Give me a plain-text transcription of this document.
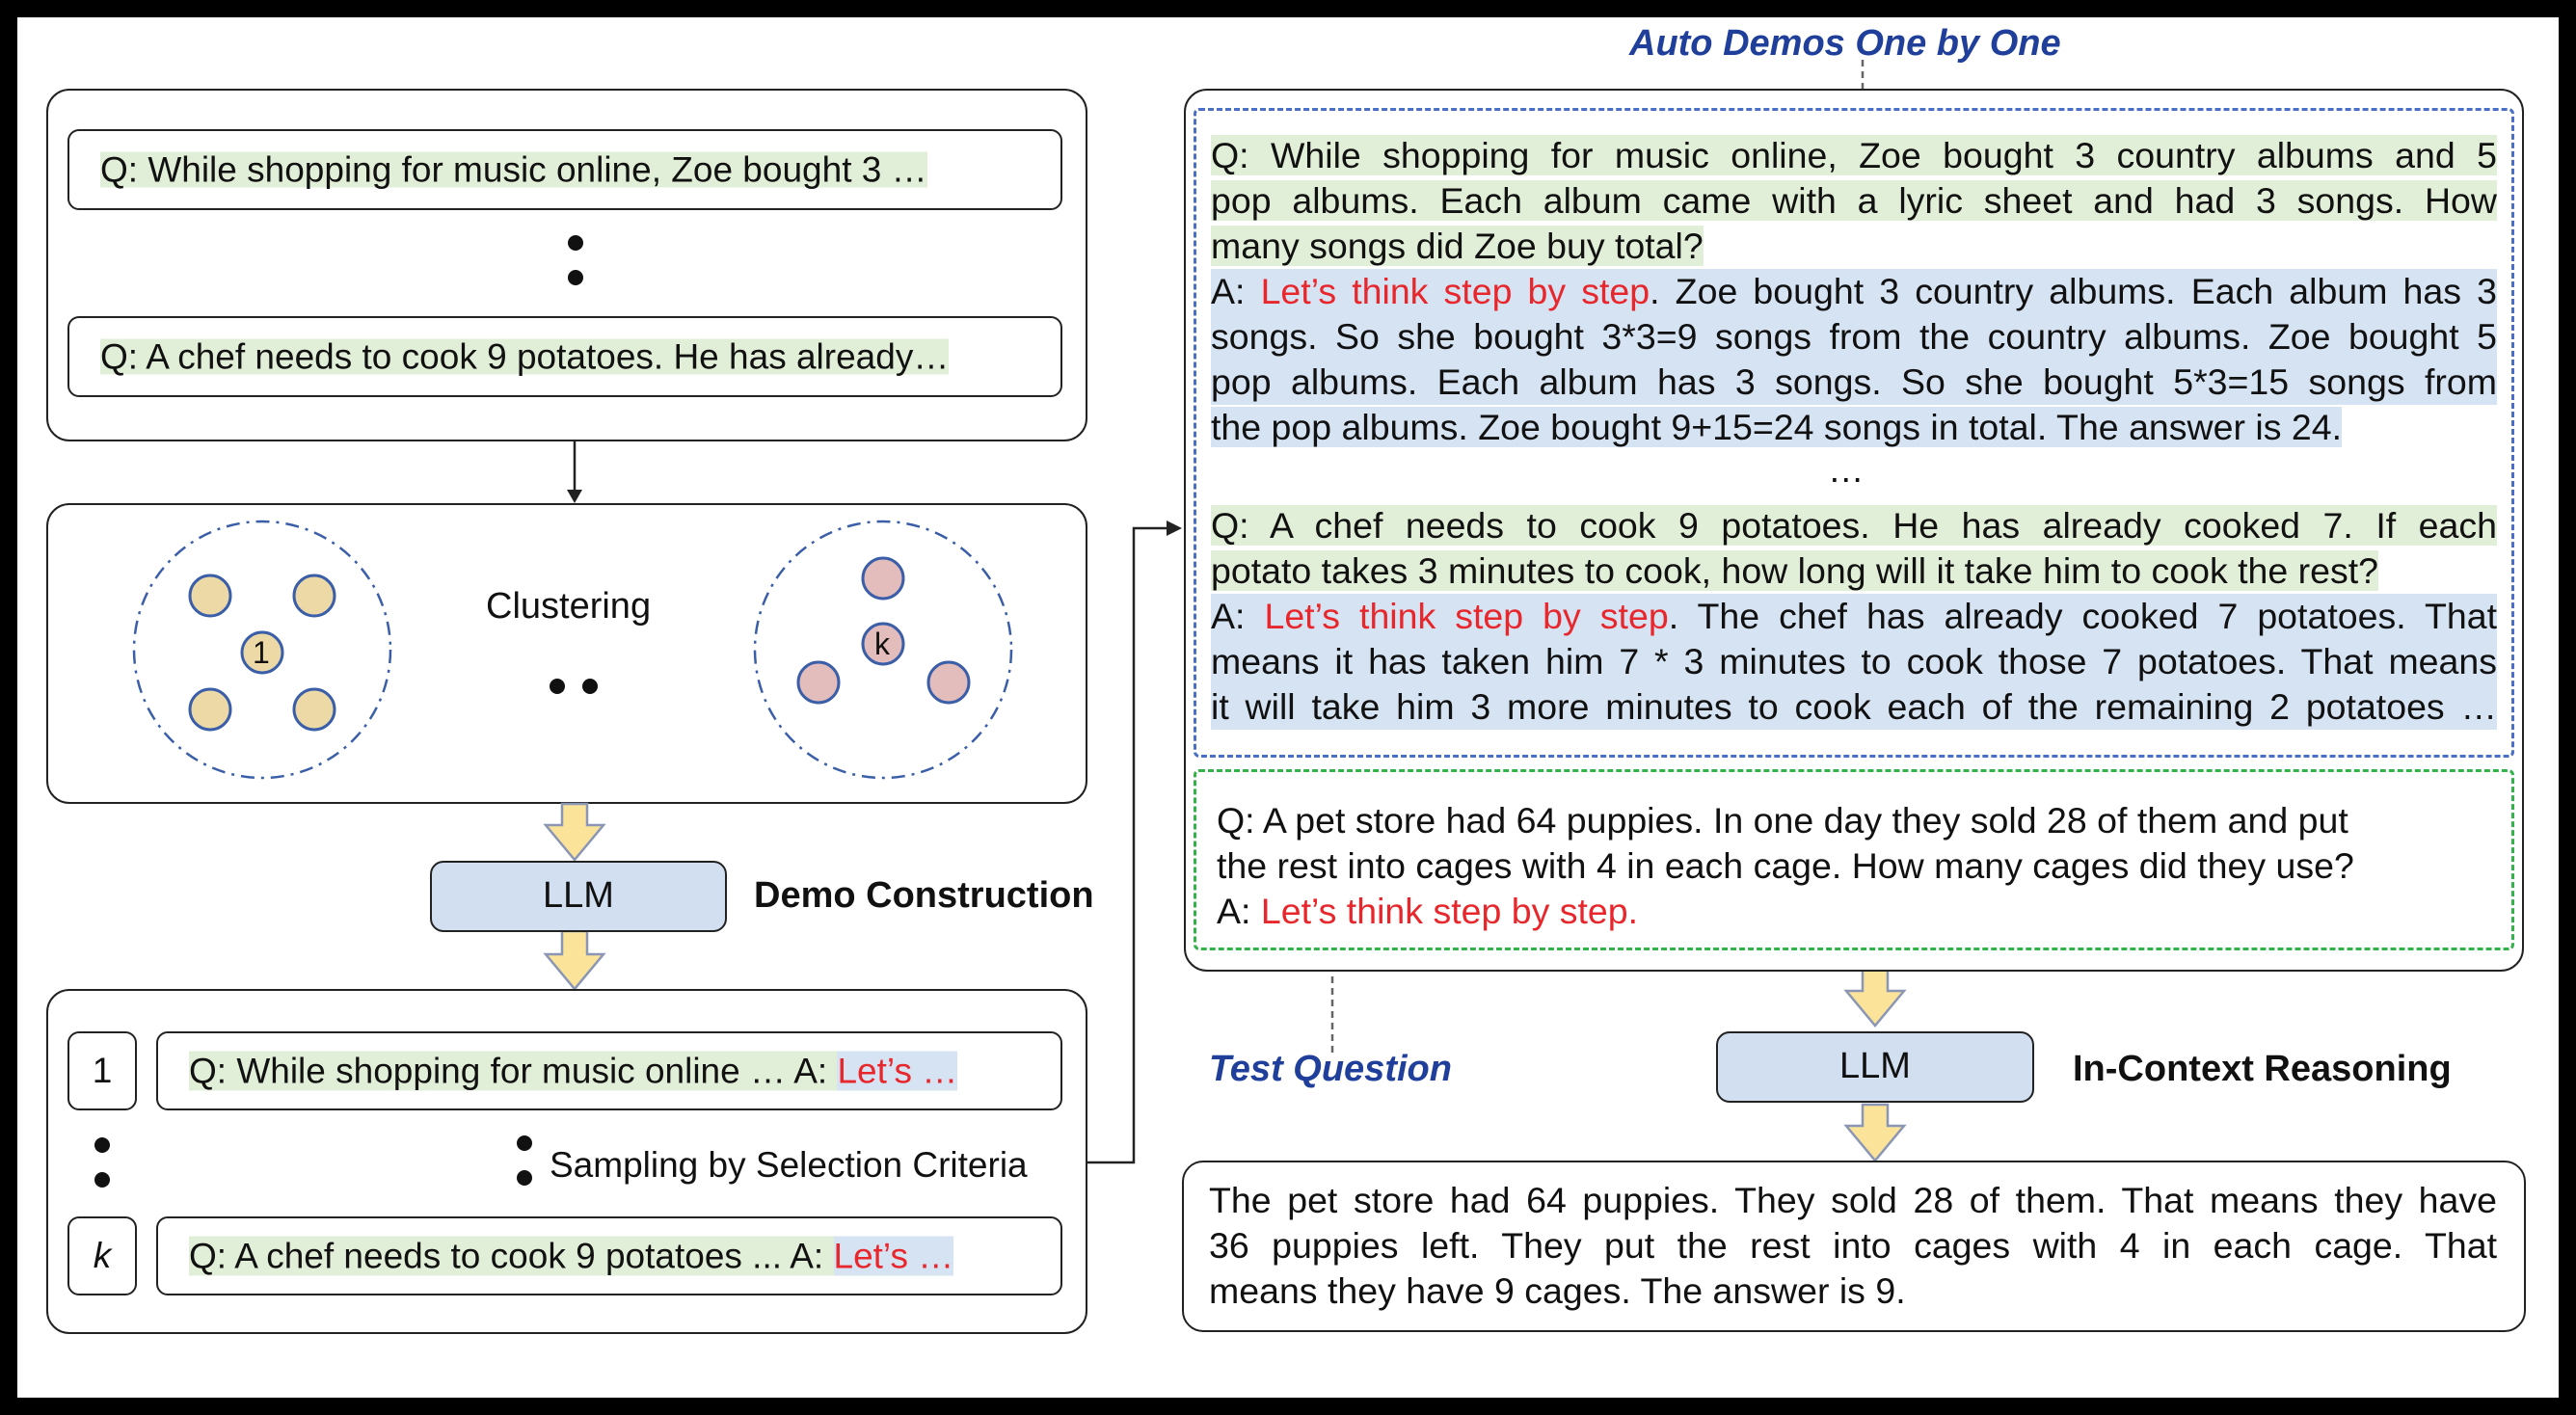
Q: While shopping for music online, Zoe bought 3 …
Q: A chef needs to cook 9 potatoes. He has already…
Clustering
1	k
LLM	Demo Construction
1	Q: While shopping for music online … A: Let’s …
Sampling by Selection Criteria
k	Q: A chef needs to cook 9 potatoes ... A: Let’s …
Auto Demos One by One
Q: While shopping for music online, Zoe bought 3 country albums and 5
pop albums. Each album came with a lyric sheet and had 3 songs. How
many songs did Zoe buy total?
A: Let’s think step by step. Zoe bought 3 country albums. Each album has 3
songs. So she bought 3*3=9 songs from the country albums. Zoe bought 5
pop albums. Each album has 3 songs. So she bought 5*3=15 songs from
the pop albums. Zoe bought 9+15=24 songs in total. The answer is 24.
…
Q: A chef needs to cook 9 potatoes. He has already cooked 7. If each
potato takes 3 minutes to cook, how long will it take him to cook the rest?
A: Let’s think step by step. The chef has already cooked 7 potatoes. That
means it has taken him 7 * 3 minutes to cook those 7 potatoes. That means
it will take him 3 more minutes to cook each of the remaining 2 potatoes …
Q: A pet store had 64 puppies. In one day they sold 28 of them and put
the rest into cages with 4 in each cage. How many cages did they use?
A: Let’s think step by step.
Test Question	LLM	In-Context Reasoning
The pet store had 64 puppies. They sold 28 of them. That means they have
36 puppies left. They put the rest into cages with 4 in each cage. That
means they have 9 cages. The answer is 9.
